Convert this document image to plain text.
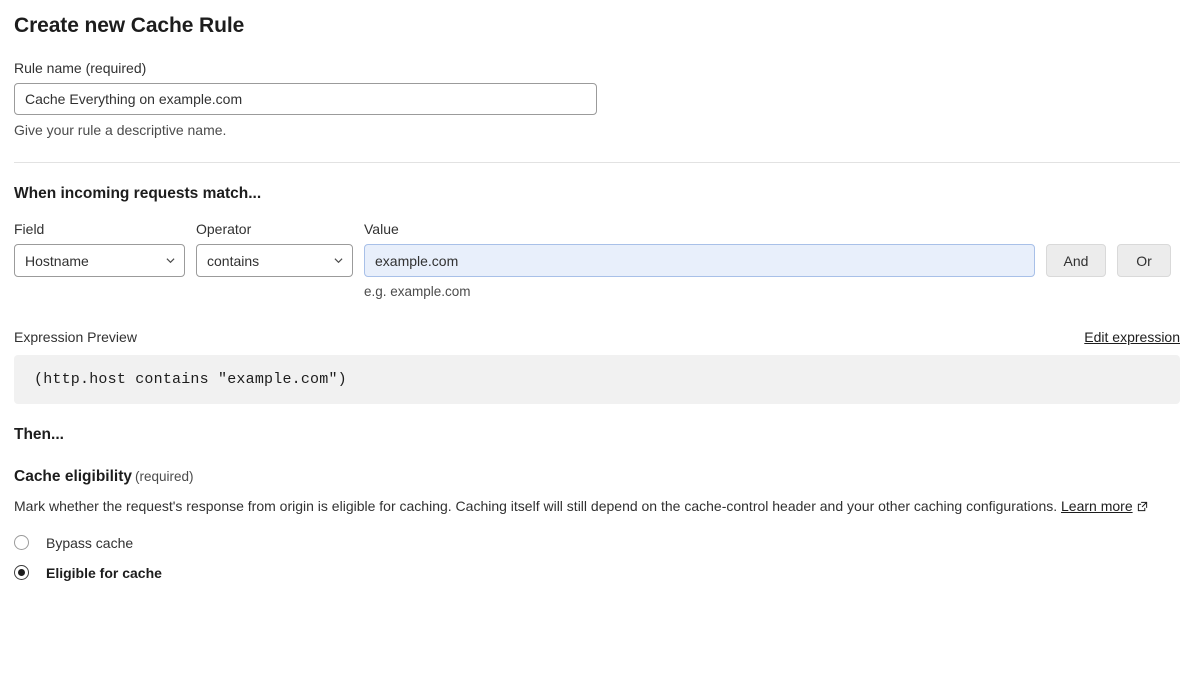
Create new Cache Rule
Rule name (required)
Cache Everything on example.com
Give your rule a descriptive name.
When incoming requests match...
Field
Hostname
Operator
contains
Value
example.com
e.g. example.com

And
	Or
Expression Preview	Edit expression
(http.host contains "example.com")
Then...
Cache eligibility (required)
Mark whether the request's response from origin is eligible for caching. Caching itself will still depend on the cache-control header and your other caching configurations. Learn more
Bypass cache
Eligible for cache
